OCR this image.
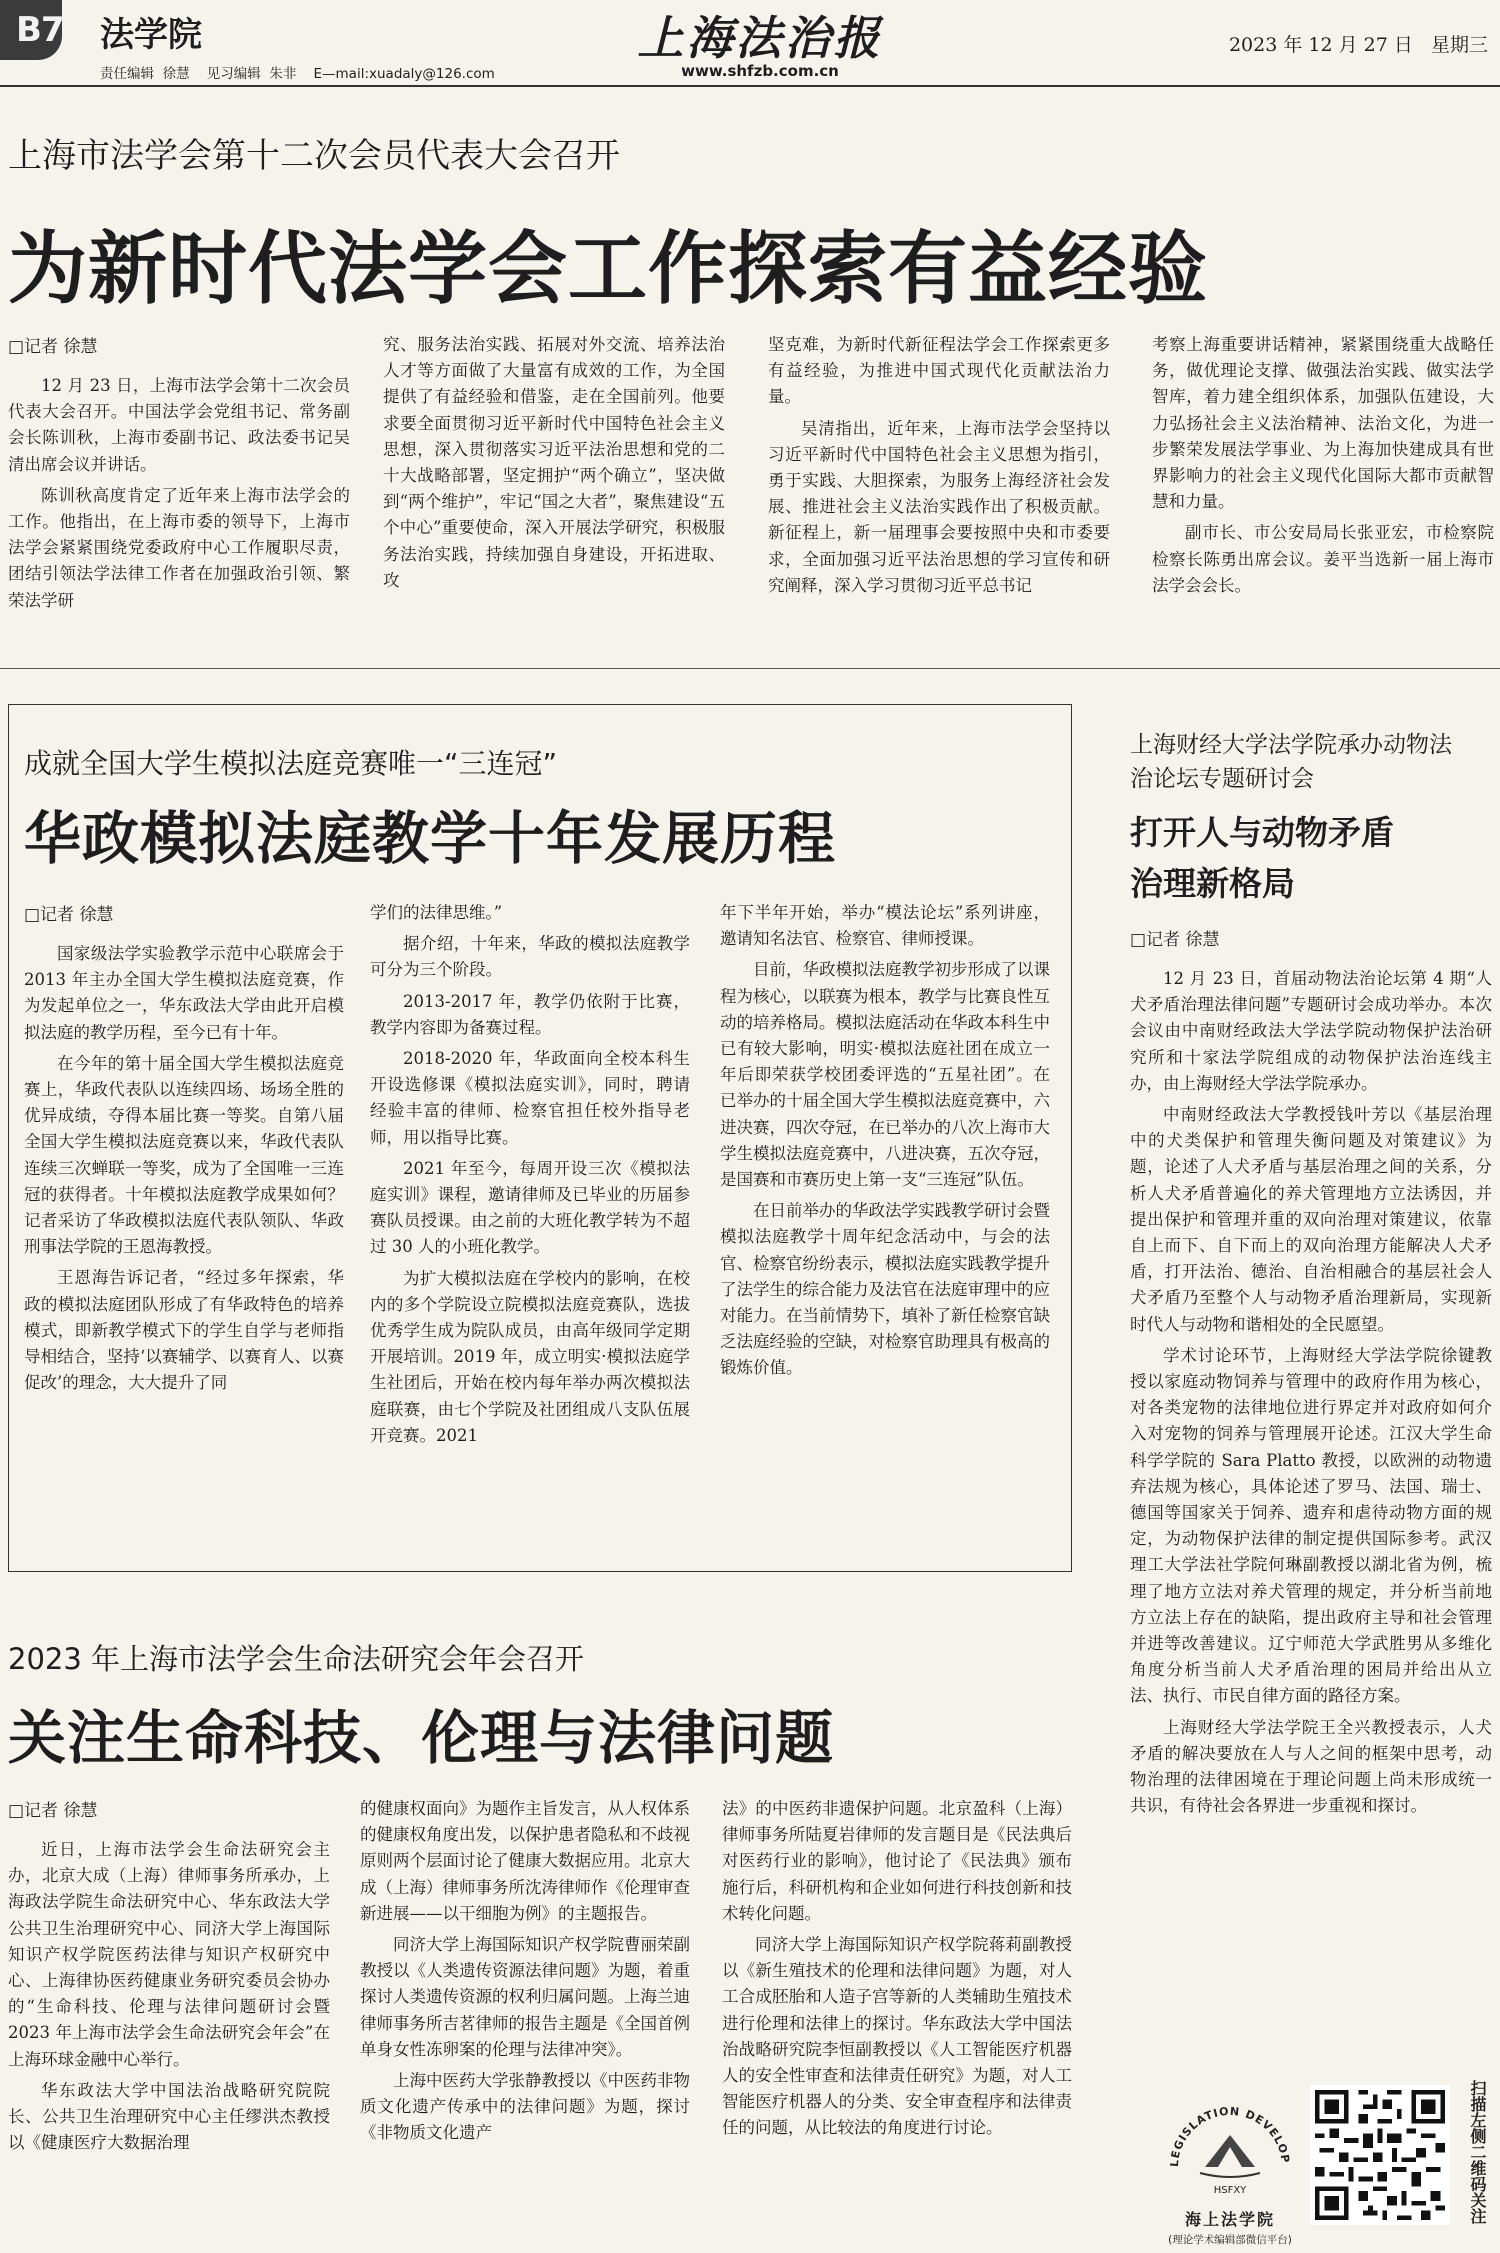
B7 法学院
责任编辑  徐慧    见习编辑  朱非    E—mail:xuadaly@126.com
上海法治报
www.shfzb.com.cn
2023 年 12 月 27 日   星期三
上海市法学会第十二次会员代表大会召开
为新时代法学会工作探索有益经验
□记者 徐慧

12 月 23 日，上海市法学会第十二次会员代表大会召开。中国法学会党组书记、常务副会长陈训秋，上海市委副书记、政法委书记吴清出席会议并讲话。

陈训秋高度肯定了近年来上海市法学会的工作。他指出，在上海市委的领导下，上海市法学会紧紧围绕党委政府中心工作履职尽责，团结引领法学法律工作者在加强政治引领、繁荣法学研

究、服务法治实践、拓展对外交流、培养法治人才等方面做了大量富有成效的工作，为全国提供了有益经验和借鉴，走在全国前列。他要求要全面贯彻习近平新时代中国特色社会主义思想，深入贯彻落实习近平法治思想和党的二十大战略部署，坚定拥护“两个确立”，坚决做到“两个维护”，牢记“国之大者”，聚焦建设“五个中心”重要使命，深入开展法学研究，积极服务法治实践，持续加强自身建设，开拓进取、攻

坚克难，为新时代新征程法学会工作探索更多有益经验，为推进中国式现代化贡献法治力量。

吴清指出，近年来，上海市法学会坚持以习近平新时代中国特色社会主义思想为指引，勇于实践、大胆探索，为服务上海经济社会发展、推进社会主义法治实践作出了积极贡献。新征程上，新一届理事会要按照中央和市委要求，全面加强习近平法治思想的学习宣传和研究阐释，深入学习贯彻习近平总书记

考察上海重要讲话精神，紧紧围绕重大战略任务，做优理论支撑、做强法治实践、做实法学智库，着力建全组织体系，加强队伍建设，大力弘扬社会主义法治精神、法治文化，为进一步繁荣发展法学事业、为上海加快建成具有世界影响力的社会主义现代化国际大都市贡献智慧和力量。

副市长、市公安局局长张亚宏，市检察院检察长陈勇出席会议。姜平当选新一届上海市法学会会长。

成就全国大学生模拟法庭竞赛唯一“三连冠”
华政模拟法庭教学十年发展历程
□记者 徐慧

国家级法学实验教学示范中心联席会于 2013 年主办全国大学生模拟法庭竞赛，作为发起单位之一，华东政法大学由此开启模拟法庭的教学历程，至今已有十年。

在今年的第十届全国大学生模拟法庭竞赛上，华政代表队以连续四场、场场全胜的优异成绩，夺得本届比赛一等奖。自第八届全国大学生模拟法庭竞赛以来，华政代表队连续三次蝉联一等奖，成为了全国唯一三连冠的获得者。十年模拟法庭教学成果如何？记者采访了华政模拟法庭代表队领队、华政刑事法学院的王恩海教授。

王恩海告诉记者，“经过多年探索，华政的模拟法庭团队形成了有华政特色的培养模式，即新教学模式下的学生自学与老师指导相结合，坚持‘以赛辅学、以赛育人、以赛促改’的理念，大大提升了同

学们的法律思维。”

据介绍，十年来，华政的模拟法庭教学可分为三个阶段。

2013-2017 年，教学仍依附于比赛，教学内容即为备赛过程。

2018-2020 年，华政面向全校本科生开设选修课《模拟法庭实训》，同时，聘请经验丰富的律师、检察官担任校外指导老师，用以指导比赛。

2021 年至今，每周开设三次《模拟法庭实训》课程，邀请律师及已毕业的历届参赛队员授课。由之前的大班化教学转为不超过 30 人的小班化教学。

为扩大模拟法庭在学校内的影响，在校内的多个学院设立院模拟法庭竞赛队，选拔优秀学生成为院队成员，由高年级同学定期开展培训。2019 年，成立明实·模拟法庭学生社团后，开始在校内每年举办两次模拟法庭联赛，由七个学院及社团组成八支队伍展开竞赛。2021

年下半年开始，举办“模法论坛”系列讲座，邀请知名法官、检察官、律师授课。

目前，华政模拟法庭教学初步形成了以课程为核心，以联赛为根本，教学与比赛良性互动的培养格局。模拟法庭活动在华政本科生中已有较大影响，明实·模拟法庭社团在成立一年后即荣获学校团委评选的“五星社团”。在已举办的十届全国大学生模拟法庭竞赛中，六进决赛，四次夺冠，在已举办的八次上海市大学生模拟法庭竞赛中，八进决赛，五次夺冠，是国赛和市赛历史上第一支“三连冠”队伍。

在日前举办的华政法学实践教学研讨会暨模拟法庭教学十周年纪念活动中，与会的法官、检察官纷纷表示，模拟法庭实践教学提升了法学生的综合能力及法官在法庭审理中的应对能力。在当前情势下，填补了新任检察官缺乏法庭经验的空缺，对检察官助理具有极高的锻炼价值。

上海财经大学法学院承办动物法治论坛专题研讨会
打开人与动物矛盾治理新格局
□记者 徐慧

12 月 23 日，首届动物法治论坛第 4 期“人犬矛盾治理法律问题”专题研讨会成功举办。本次会议由中南财经政法大学法学院动物保护法治研究所和十家法学院组成的动物保护法治连线主办，由上海财经大学法学院承办。

中南财经政法大学教授钱叶芳以《基层治理中的犬类保护和管理失衡问题及对策建议》为题，论述了人犬矛盾与基层治理之间的关系，分析人犬矛盾普遍化的养犬管理地方立法诱因，并提出保护和管理并重的双向治理对策建议，依靠自上而下、自下而上的双向治理方能解决人犬矛盾，打开法治、德治、自治相融合的基层社会人犬矛盾乃至整个人与动物矛盾治理新局，实现新时代人与动物和谐相处的全民愿望。

学术讨论环节，上海财经大学法学院徐键教授以家庭动物饲养与管理中的政府作用为核心，对各类宠物的法律地位进行界定并对政府如何介入对宠物的饲养与管理展开论述。江汉大学生命科学学院的 Sara Platto 教授，以欧洲的动物遗弃法规为核心，具体论述了罗马、法国、瑞士、德国等国家关于饲养、遗弃和虐待动物方面的规定，为动物保护法律的制定提供国际参考。武汉理工大学法社学院何琳副教授以湖北省为例，梳理了地方立法对养犬管理的规定，并分析当前地方立法上存在的缺陷，提出政府主导和社会管理并进等改善建议。辽宁师范大学武胜男从多维化角度分析当前人犬矛盾治理的困局并给出从立法、执行、市民自律方面的路径方案。

上海财经大学法学院王全兴教授表示，人犬矛盾的解决要放在人与人之间的框架中思考，动物治理的法律困境在于理论问题上尚未形成统一共识，有待社会各界进一步重视和探讨。

2023 年上海市法学会生命法研究会年会召开
关注生命科技、伦理与法律问题
□记者 徐慧

近日，上海市法学会生命法研究会主办，北京大成（上海）律师事务所承办，上海政法学院生命法研究中心、华东政法大学公共卫生治理研究中心、同济大学上海国际知识产权学院医药法律与知识产权研究中心、上海律协医药健康业务研究委员会协办的“生命科技、伦理与法律问题研讨会暨 2023 年上海市法学会生命法研究会年会”在上海环球金融中心举行。

华东政法大学中国法治战略研究院院长、公共卫生治理研究中心主任缪洪杰教授以《健康医疗大数据治理

的健康权面向》为题作主旨发言，从人权体系的健康权角度出发，以保护患者隐私和不歧视原则两个层面讨论了健康大数据应用。北京大成（上海）律师事务所沈涛律师作《伦理审查新进展——以干细胞为例》的主题报告。

同济大学上海国际知识产权学院曹丽荣副教授以《人类遗传资源法律问题》为题，着重探讨人类遗传资源的权利归属问题。上海兰迪律师事务所吉茗律师的报告主题是《全国首例单身女性冻卵案的伦理与法律冲突》。

上海中医药大学张静教授以《中医药非物质文化遗产传承中的法律问题》为题，探讨《非物质文化遗产

法》的中医药非遗保护问题。北京盈科（上海）律师事务所陆夏岩律师的发言题目是《民法典后对医药行业的影响》，他讨论了《民法典》颁布施行后，科研机构和企业如何进行科技创新和技术转化问题。

同济大学上海国际知识产权学院蒋莉副教授以《新生殖技术的伦理和法律问题》为题，对人工合成胚胎和人造子宫等新的人类辅助生殖技术进行伦理和法律上的探讨。华东政法大学中国法治战略研究院李恒副教授以《人工智能医疗机器人的安全性审查和法律责任研究》为题，对人工智能医疗机器人的分类、安全审查程序和法律责任的问题，从比较法的角度进行讨论。

LEGISLATION DEVELOP
HSFXY
海上法学院
(理论学术编辑部微信平台)
扫描左侧二维码关注
